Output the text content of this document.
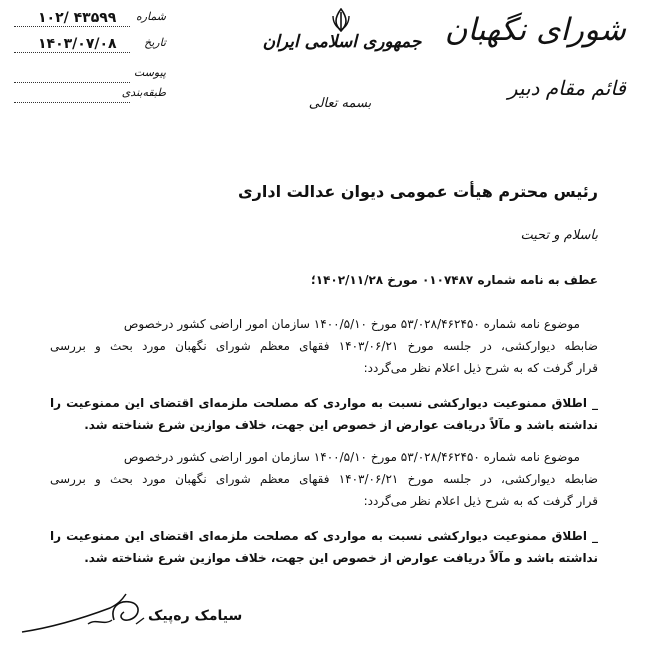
شورای نگهبان
قائم مقام دبیر
جمهوری اسلامی ایران
بسمه تعالی
شماره
۱۰۲/ ۴۳۵۹۹
تاریخ
۱۴۰۳/۰۷/۰۸
پیوست
طبقه‌بندی
رئیس محترم هیأت عمومی دیوان عدالت اداری
باسلام و تحیت
عطف به نامه شماره ۰۱۰۷۴۸۷ مورخ ۱۴۰۲/۱۱/۲۸؛
موضوع نامه شماره ۵۳/۰۲۸/۴۶۲۴۵۰ مورخ ۱۴۰۰/۵/۱۰ سازمان امور اراضی کشور درخصوص
ضابطه دیوارکشی، در جلسه مورخ ۱۴۰۳/۰۶/۲۱ فقهای معظم شورای نگهبان مورد بحث و بررسی
قرار گرفت که به شرح ذیل اعلام نظر می‌گردد:
_ اطلاق ممنوعیت دیوارکشی نسبت به مواردی که مصلحت ملزمه‌ای اقتضای این ممنوعیت را
نداشته باشد و مآلاً دریافت عوارض از خصوص این جهت، خلاف موازین شرع شناخته شد.
موضوع نامه شماره ۵۳/۰۲۸/۴۶۲۴۵۰ مورخ ۱۴۰۰/۵/۱۰ سازمان امور اراضی کشور درخصوص
ضابطه دیوارکشی، در جلسه مورخ ۱۴۰۳/۰۶/۲۱ فقهای معظم شورای نگهبان مورد بحث و بررسی
قرار گرفت که به شرح ذیل اعلام نظر می‌گردد:
_ اطلاق ممنوعیت دیوارکشی نسبت به مواردی که مصلحت ملزمه‌ای اقتضای این ممنوعیت را
نداشته باشد و مآلاً دریافت عوارض از خصوص این جهت، خلاف موازین شرع شناخته شد.
سیامک ره‌پیک
